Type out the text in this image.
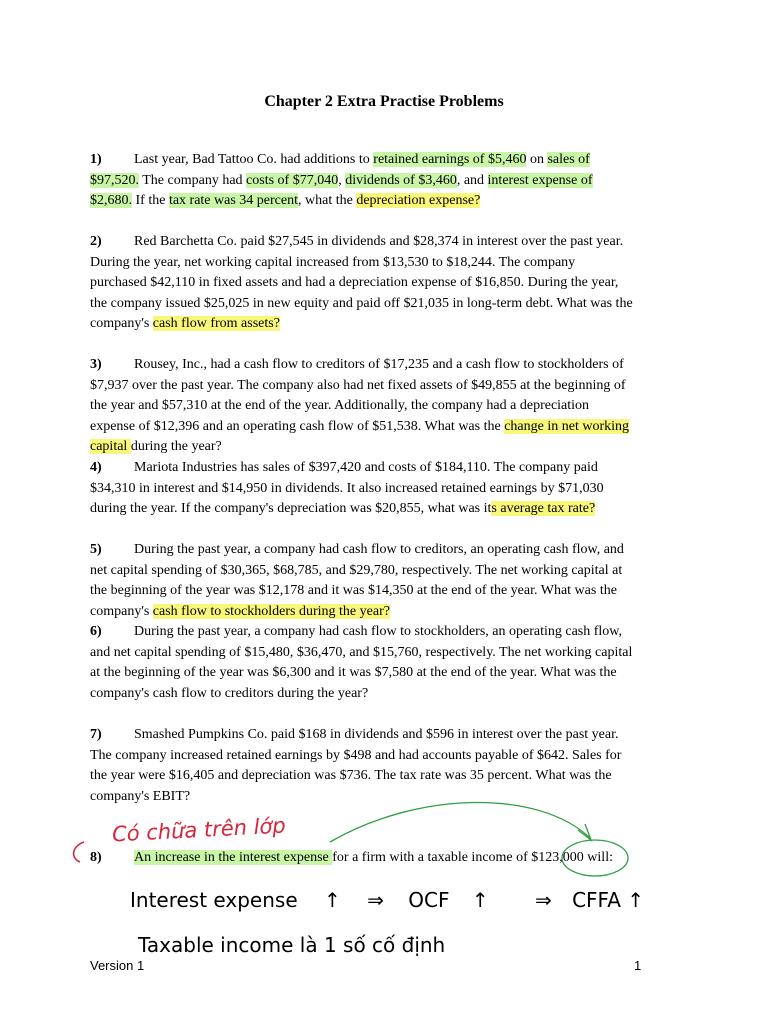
Chapter 2 Extra Practise Problems
1) Last year, Bad Tattoo Co. had additions to retained earnings of $5,460 on sales of
$97,520. The company had costs of $77,040, dividends of $3,460, and interest expense of
$2,680. If the tax rate was 34 percent, what the depreciation expense?
2) Red Barchetta Co. paid $27,545 in dividends and $28,374 in interest over the past year.
During the year, net working capital increased from $13,530 to $18,244. The company
purchased $42,110 in fixed assets and had a depreciation expense of $16,850. During the year,
the company issued $25,025 in new equity and paid off $21,035 in long-term debt. What was the
company's cash flow from assets?
3) Rousey, Inc., had a cash flow to creditors of $17,235 and a cash flow to stockholders of
$7,937 over the past year. The company also had net fixed assets of $49,855 at the beginning of
the year and $57,310 at the end of the year. Additionally, the company had a depreciation
expense of $12,396 and an operating cash flow of $51,538. What was the change in net working
capital during the year?
4) Mariota Industries has sales of $397,420 and costs of $184,110. The company paid
$34,310 in interest and $14,950 in dividends. It also increased retained earnings by $71,030
during the year. If the company's depreciation was $20,855, what was its average tax rate?
5) During the past year, a company had cash flow to creditors, an operating cash flow, and
net capital spending of $30,365, $68,785, and $29,780, respectively. The net working capital at
the beginning of the year was $12,178 and it was $14,350 at the end of the year. What was the
company's cash flow to stockholders during the year?
6) During the past year, a company had cash flow to stockholders, an operating cash flow,
and net capital spending of $15,480, $36,470, and $15,760, respectively. The net working capital
at the beginning of the year was $6,300 and it was $7,580 at the end of the year. What was the
company's cash flow to creditors during the year?
7) Smashed Pumpkins Co. paid $168 in dividends and $596 in interest over the past year.
The company increased retained earnings by $498 and had accounts payable of $642. Sales for
the year were $16,405 and depreciation was $736. The tax rate was 35 percent. What was the
company's EBIT?
8) An increase in the interest expense for a firm with a taxable income of $123,000 will:
Có chữa trên lớp
Interest expense ↑ ⇒ OCF ↑ ⇒ CFFA ↑
Taxable income là 1 số cố định
Version 1	1
